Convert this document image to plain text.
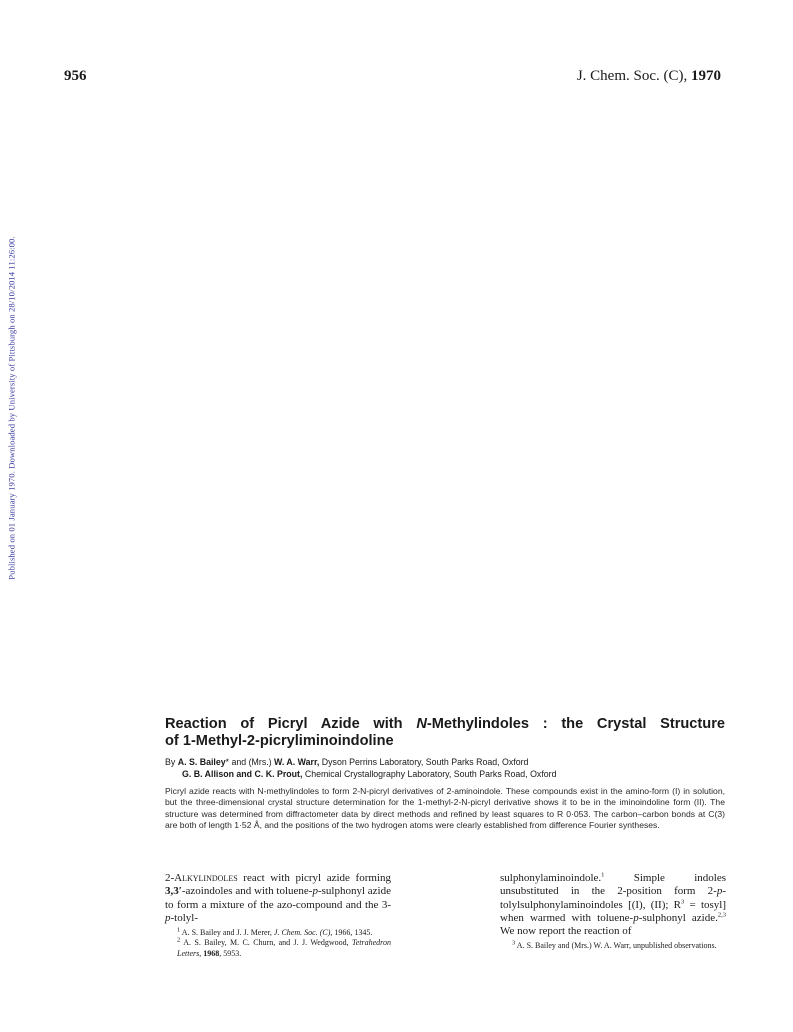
956	J. Chem. Soc. (C), 1970
Published on 01 January 1970. Downloaded by University of Pittsburgh on 28/10/2014 11:26:00.
Reaction of Picryl Azide with N-Methylindoles : the Crystal Structure
of 1-Methyl-2-picryliminoindoline
By A. S. Bailey* and (Mrs.) W. A. Warr, Dyson Perrins Laboratory, South Parks Road, Oxford
G. B. Allison and C. K. Prout, Chemical Crystallography Laboratory, South Parks Road, Oxford
Picryl azide reacts with N-methylindoles to form 2-N-picryl derivatives of 2-aminoindole. These compounds exist in the amino-form (I) in solution, but the three-dimensional crystal structure determination for the 1-methyl-2-N-picryl derivative shows it to be in the iminoindoline form (II). The structure was determined from diffractometer data by direct methods and refined by least squares to R 0·053. The carbon–carbon bonds at C(3) are both of length 1·52 Å, and the positions of the two hydrogen atoms were clearly established from difference Fourier syntheses.

2-Alkylindoles react with picryl azide forming 3,3′-azoindoles and with toluene-p-sulphonyl azide to form a mixture of the azo-compound and the 3-p-tolyl-

$^1$ A. S. Bailey and J. J. Merer, J. Chem. Soc. (C), 1966, 1345.
$^2$ A. S. Bailey, M. C. Churn, and J. J. Wedgwood, Tetrahedron Letters, 1968, 5953.

sulphonylaminoindole.$^1$ Simple indoles unsubstituted in the 2-position form 2-p-tolylsulphonylaminoindoles [(I), (II); $R^3$ = tosyl] when warmed with toluene-p-sulphonyl azide.$^{2,3}$ We now report the reaction of

$^3$ A. S. Bailey and (Mrs.) W. A. Warr, unpublished observations.
